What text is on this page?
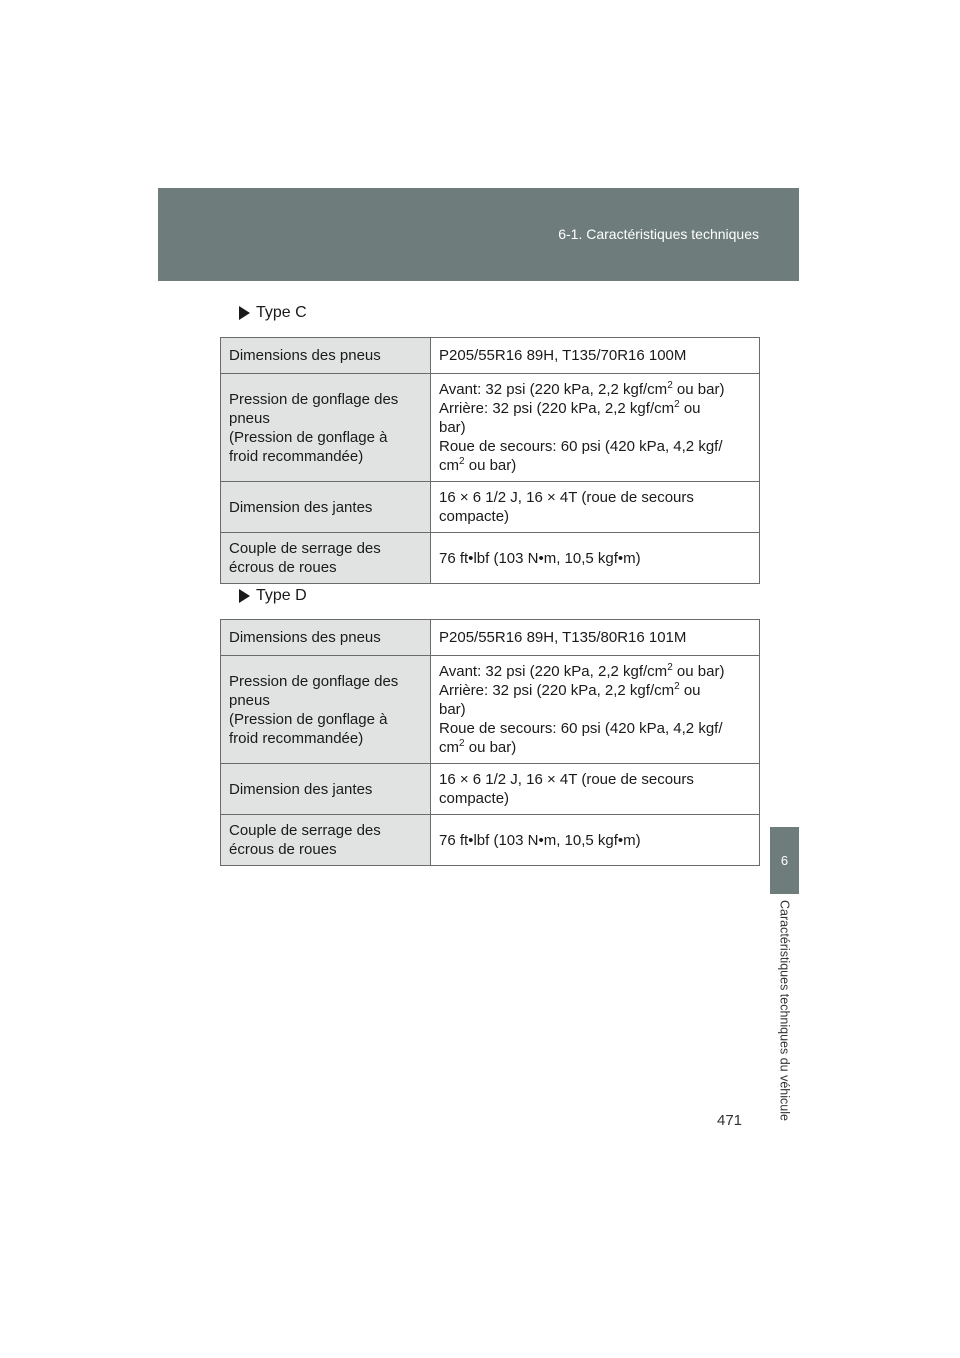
6-1. Caractéristiques techniques
6
Caractéristiques techniques du véhicule
471
Type C
Dimensions des pneus	P205/55R16 89H, T135/70R16 100M

Pression de gonflage des
pneus
(Pression de gonflage à
froid recommandée)	Avant: 32 psi (220 kPa, 2,2 kgf/$cm^2$ ou bar)
Arrière: 32 psi (220 kPa, 2,2 kgf/$cm^2$ ou
bar)
Roue de secours: 60 psi (420 kPa, 4,2 kgf/
$cm^2$ ou bar)

Dimension des jantes	16 × 6 1/2 J, 16 × 4T (roue de secours
compacte)

Couple de serrage des
écrous de roues	76 ft•lbf (103 N•m, 10,5 kgf•m)
Type D
Dimensions des pneus	P205/55R16 89H, T135/80R16 101M

Pression de gonflage des
pneus
(Pression de gonflage à
froid recommandée)	Avant: 32 psi (220 kPa, 2,2 kgf/$cm^2$ ou bar)
Arrière: 32 psi (220 kPa, 2,2 kgf/$cm^2$ ou
bar)
Roue de secours: 60 psi (420 kPa, 4,2 kgf/
$cm^2$ ou bar)

Dimension des jantes	16 × 6 1/2 J, 16 × 4T (roue de secours
compacte)

Couple de serrage des
écrous de roues	76 ft•lbf (103 N•m, 10,5 kgf•m)
